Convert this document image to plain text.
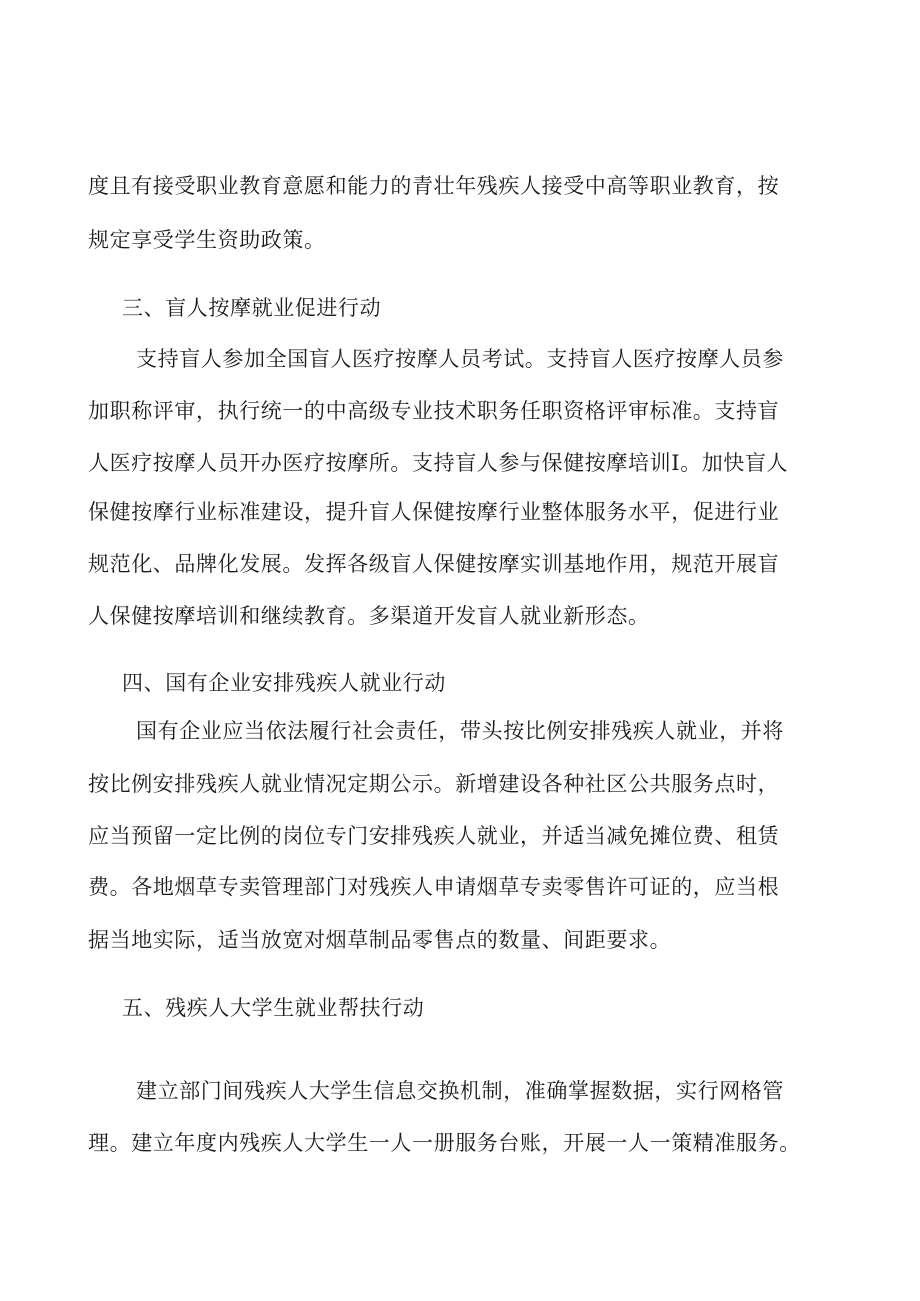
度且有接受职业教育意愿和能力的青壮年残疾人接受中高等职业教育，按
规定享受学生资助政策。
三、盲人按摩就业促进行动
支持盲人参加全国盲人医疗按摩人员考试。支持盲人医疗按摩人员参
加职称评审，执行统一的中高级专业技术职务任职资格评审标准。支持盲
人医疗按摩人员开办医疗按摩所。支持盲人参与保健按摩培训I。加快盲人
保健按摩行业标准建设，提升盲人保健按摩行业整体服务水平，促进行业
规范化、品牌化发展。发挥各级盲人保健按摩实训基地作用，规范开展盲
人保健按摩培训和继续教育。多渠道开发盲人就业新形态。
四、国有企业安排残疾人就业行动
国有企业应当依法履行社会责任，带头按比例安排残疾人就业，并将
按比例安排残疾人就业情况定期公示。新增建设各种社区公共服务点时，
应当预留一定比例的岗位专门安排残疾人就业，并适当减免摊位费、租赁
费。各地烟草专卖管理部门对残疾人申请烟草专卖零售许可证的，应当根
据当地实际，适当放宽对烟草制品零售点的数量、间距要求。
五、残疾人大学生就业帮扶行动
建立部门间残疾人大学生信息交换机制，准确掌握数据，实行网格管
理。建立年度内残疾人大学生一人一册服务台账，开展一人一策精准服务。
